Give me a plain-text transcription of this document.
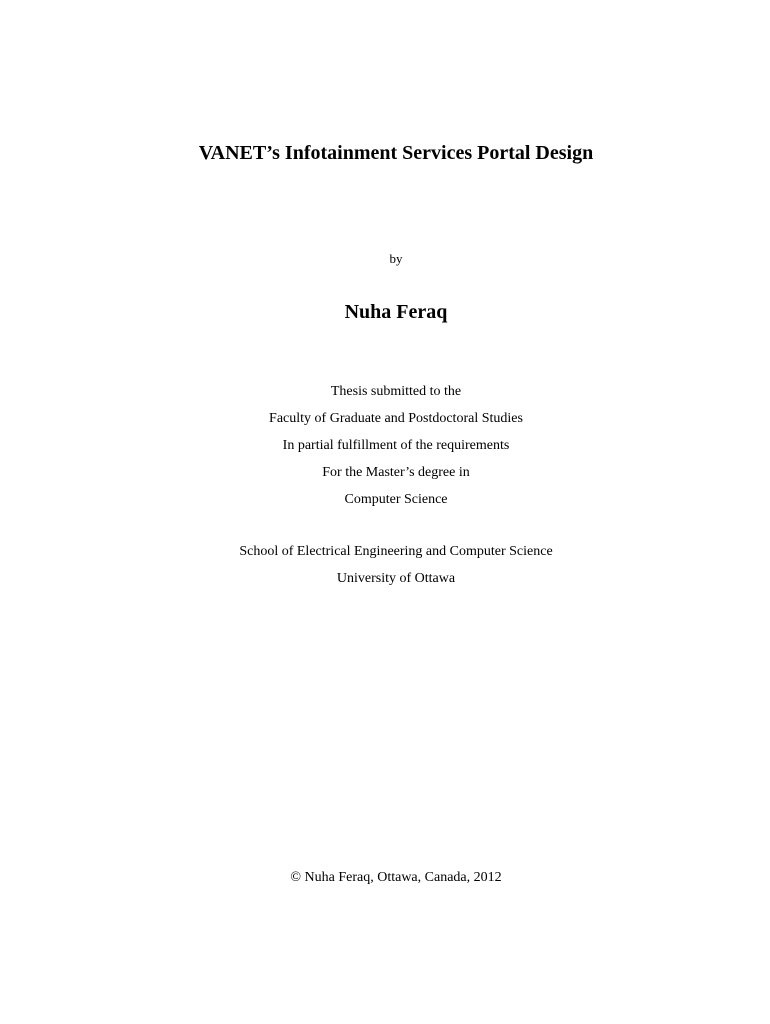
VANET’s Infotainment Services Portal Design
by
Nuha Feraq
Thesis submitted to the
Faculty of Graduate and Postdoctoral Studies
In partial fulfillment of the requirements
For the Master’s degree in
Computer Science
School of Electrical Engineering and Computer Science
University of Ottawa
© Nuha Feraq, Ottawa, Canada, 2012
